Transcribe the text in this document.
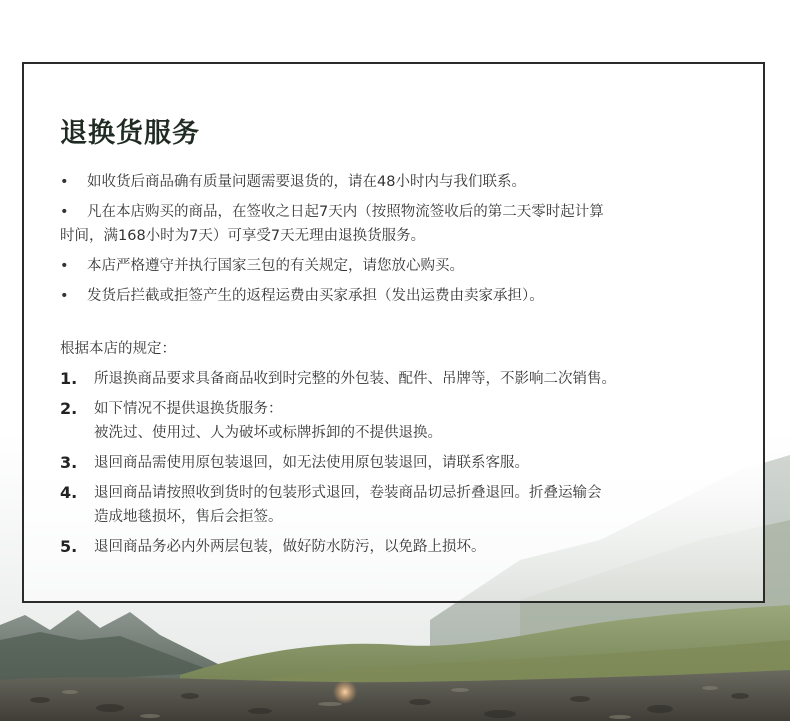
退换货服务
•	如收货后商品确有质量问题需要退货的，请在48小时内与我们联系。
•	凡在本店购买的商品，在签收之日起7天内（按照物流签收后的第二天零时起计算
时间，满168小时为7天）可享受7天无理由退换货服务。
•	本店严格遵守并执行国家三包的有关规定，请您放心购买。
•	发货后拦截或拒签产生的返程运费由买家承担（发出运费由卖家承担）。
根据本店的规定：
1.	所退换商品要求具备商品收到时完整的外包装、配件、吊牌等，不影响二次销售。
2.	如下情况不提供退换货服务：
被洗过、使用过、人为破坏或标牌拆卸的不提供退换。
3.	退回商品需使用原包装退回，如无法使用原包装退回，请联系客服。
4.	退回商品请按照收到货时的包装形式退回，卷装商品切忌折叠退回。折叠运输会
造成地毯损坏，售后会拒签。
5.	退回商品务必内外两层包装，做好防水防污，以免路上损坏。
